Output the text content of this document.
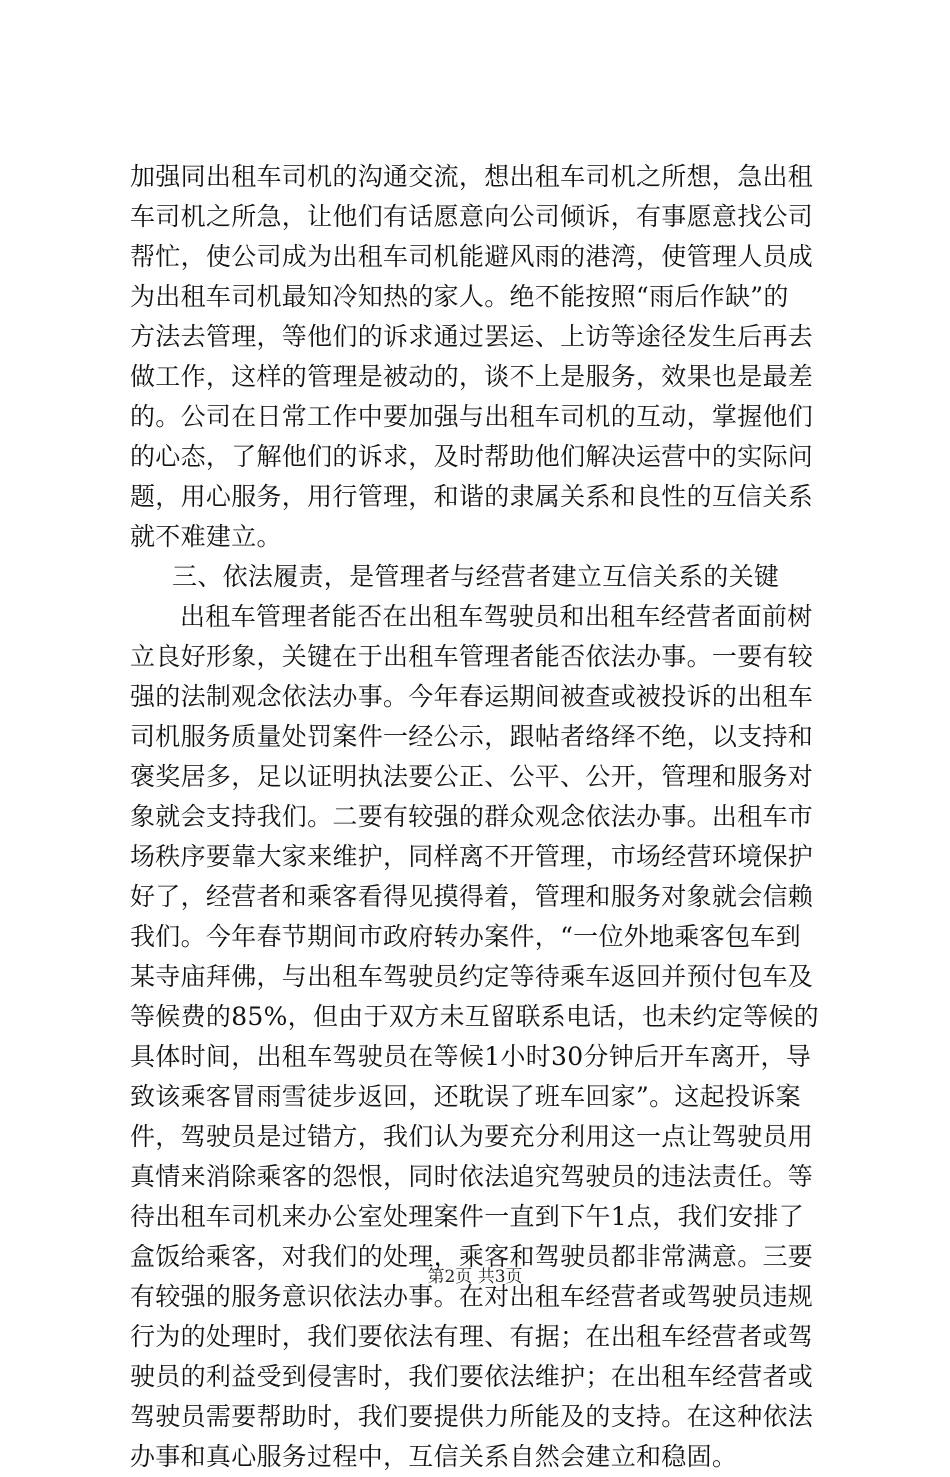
加强同出租车司机的沟通交流，想出租车司机之所想，急出租
车司机之所急，让他们有话愿意向公司倾诉，有事愿意找公司
帮忙，使公司成为出租车司机能避风雨的港湾，使管理人员成
为出租车司机最知冷知热的家人。绝不能按照“雨后作缺”的
方法去管理，等他们的诉求通过罢运、上访等途径发生后再去
做工作，这样的管理是被动的，谈不上是服务，效果也是最差
的。公司在日常工作中要加强与出租车司机的互动，掌握他们
的心态，了解他们的诉求，及时帮助他们解决运营中的实际问
题，用心服务，用行管理，和谐的隶属关系和良性的互信关系
就不难建立。
三、依法履责，是管理者与经营者建立互信关系的关键
出租车管理者能否在出租车驾驶员和出租车经营者面前树
立良好形象，关键在于出租车管理者能否依法办事。一要有较
强的法制观念依法办事。今年春运期间被查或被投诉的出租车
司机服务质量处罚案件一经公示，跟帖者络绎不绝，以支持和
褒奖居多，足以证明执法要公正、公平、公开，管理和服务对
象就会支持我们。二要有较强的群众观念依法办事。出租车市
场秩序要靠大家来维护，同样离不开管理，市场经营环境保护
好了，经营者和乘客看得见摸得着，管理和服务对象就会信赖
我们。今年春节期间市政府转办案件，“一位外地乘客包车到
某寺庙拜佛，与出租车驾驶员约定等待乘车返回并预付包车及
等候费的85%，但由于双方未互留联系电话，也未约定等候的
具体时间，出租车驾驶员在等候1小时30分钟后开车离开，导
致该乘客冒雨雪徒步返回，还耽误了班车回家”。这起投诉案
件，驾驶员是过错方，我们认为要充分利用这一点让驾驶员用
真情来消除乘客的怨恨，同时依法追究驾驶员的违法责任。等
待出租车司机来办公室处理案件一直到下午1点，我们安排了
盒饭给乘客，对我们的处理，乘客和驾驶员都非常满意。三要
有较强的服务意识依法办事。在对出租车经营者或驾驶员违规
行为的处理时，我们要依法有理、有据；在出租车经营者或驾
驶员的利益受到侵害时，我们要依法维护；在出租车经营者或
驾驶员需要帮助时，我们要提供力所能及的支持。在这种依法
办事和真心服务过程中，互信关系自然会建立和稳固。
第2页 共3页
